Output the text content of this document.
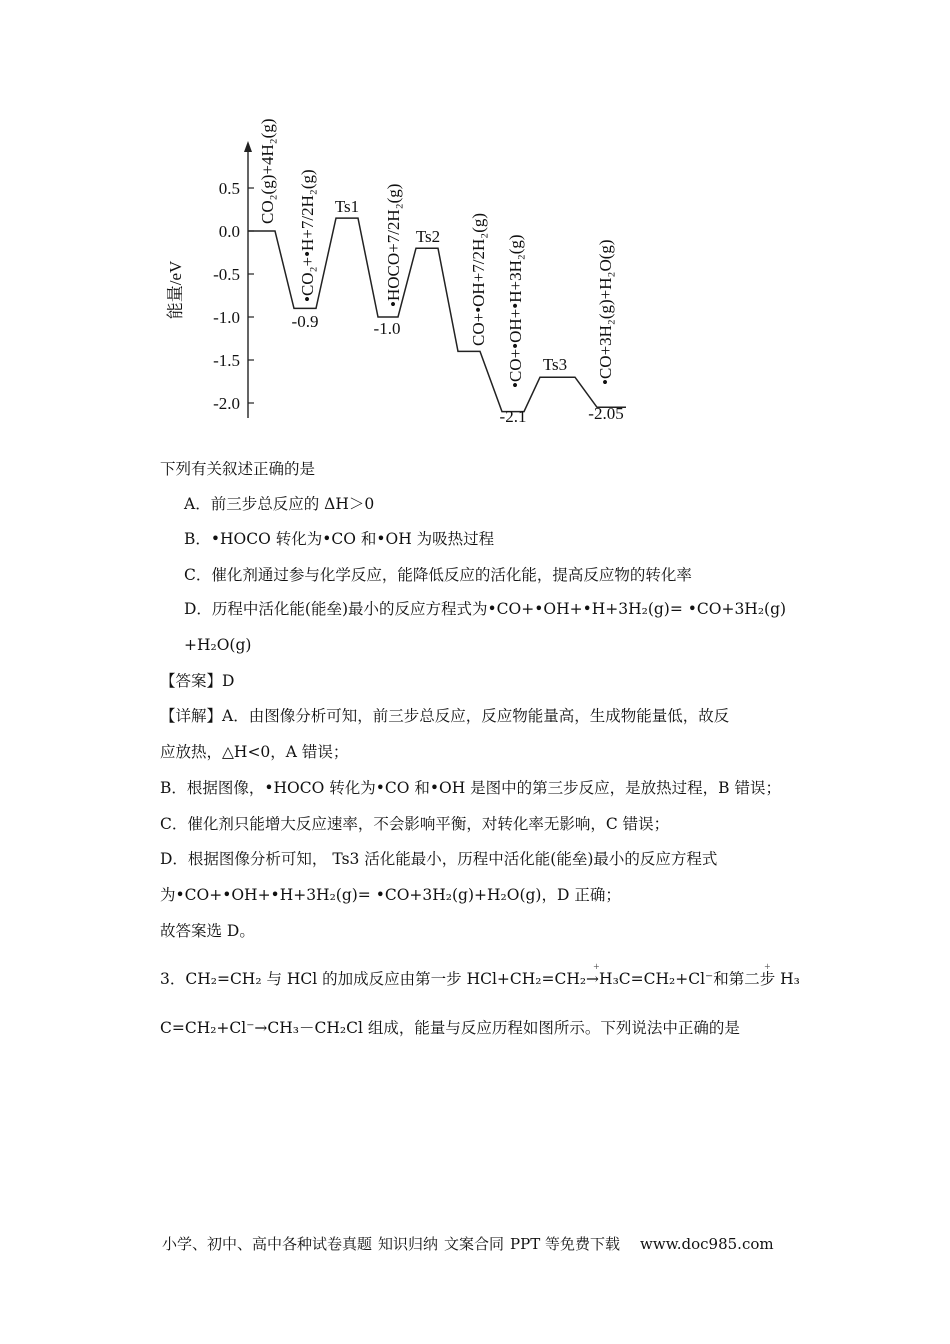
0.5
0.0
-0.5
-1.0
-1.5
-2.0
能量/eV
CO₂(g)+4H₂(g) •CO₂+•H+7/2H₂(g)	•HOCO+7/2H₂(g)	CO+•OH+7/2H₂(g) •CO+•OH+•H+3H₂(g)	•CO+3H₂(g)+H₂O(g)
Ts1
Ts2
Ts3
-0.9	-1.0
-2.1	-2.05
下列有关叙述正确的是
A．前三步总反应的 ΔH＞0
B．•HOCO 转化为•CO 和•OH 为吸热过程
C．催化剂通过参与化学反应，能降低反应的活化能，提高反应物的转化率
D．历程中活化能(能垒)最小的反应方程式为•CO+•OH+•H+3H₂(g)= •CO+3H₂(g)
+H₂O(g)
【答案】D
【详解】A．由图像分析可知，前三步总反应，反应物能量高，生成物能量低，故反
应放热，△H<0，A 错误；
B．根据图像，•HOCO 转化为•CO 和•OH 是图中的第三步反应，是放热过程，B 错误；
C．催化剂只能增大反应速率，不会影响平衡，对转化率无影响，C 错误；
D．根据图像分析可知， Ts3 活化能最小，历程中活化能(能垒)最小的反应方程式
为•CO+•OH+•H+3H₂(g)= •CO+3H₂(g)+H₂O(g)，D 正确；
故答案选 D。
3．CH₂=CH₂ 与 HCl 的加成反应由第一步 HCl+CH₂=CH₂→H₃C=CH₂+Cl⁻和第二步 H₃
+	+
C=CH₂+Cl⁻→CH₃－CH₂Cl 组成，能量与反应历程如图所示。下列说法中正确的是
小学、初中、高中各种试卷真题 知识归纳 文案合同 PPT 等免费下载 www.doc985.com
